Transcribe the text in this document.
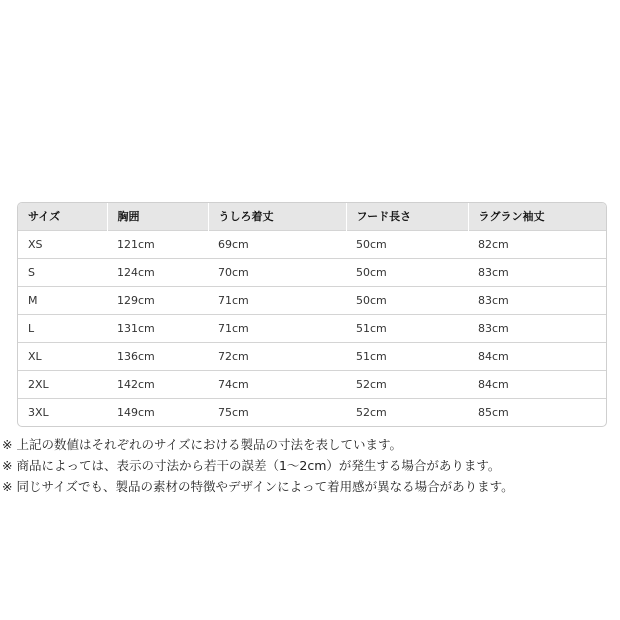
サイズ	胸囲	うしろ着丈	フード長さ	ラグラン袖丈
XS	121cm	69cm	50cm	82cm
S	124cm	70cm	50cm	83cm
M	129cm	71cm	50cm	83cm
L	131cm	71cm	51cm	83cm
XL	136cm	72cm	51cm	84cm
2XL	142cm	74cm	52cm	84cm
3XL	149cm	75cm	52cm	85cm
※ 上記の数値はそれぞれのサイズにおける製品の寸法を表しています。
※ 商品によっては、表示の寸法から若干の誤差（1～2cm）が発生する場合があります。
※ 同じサイズでも、製品の素材の特徴やデザインによって着用感が異なる場合があります。
